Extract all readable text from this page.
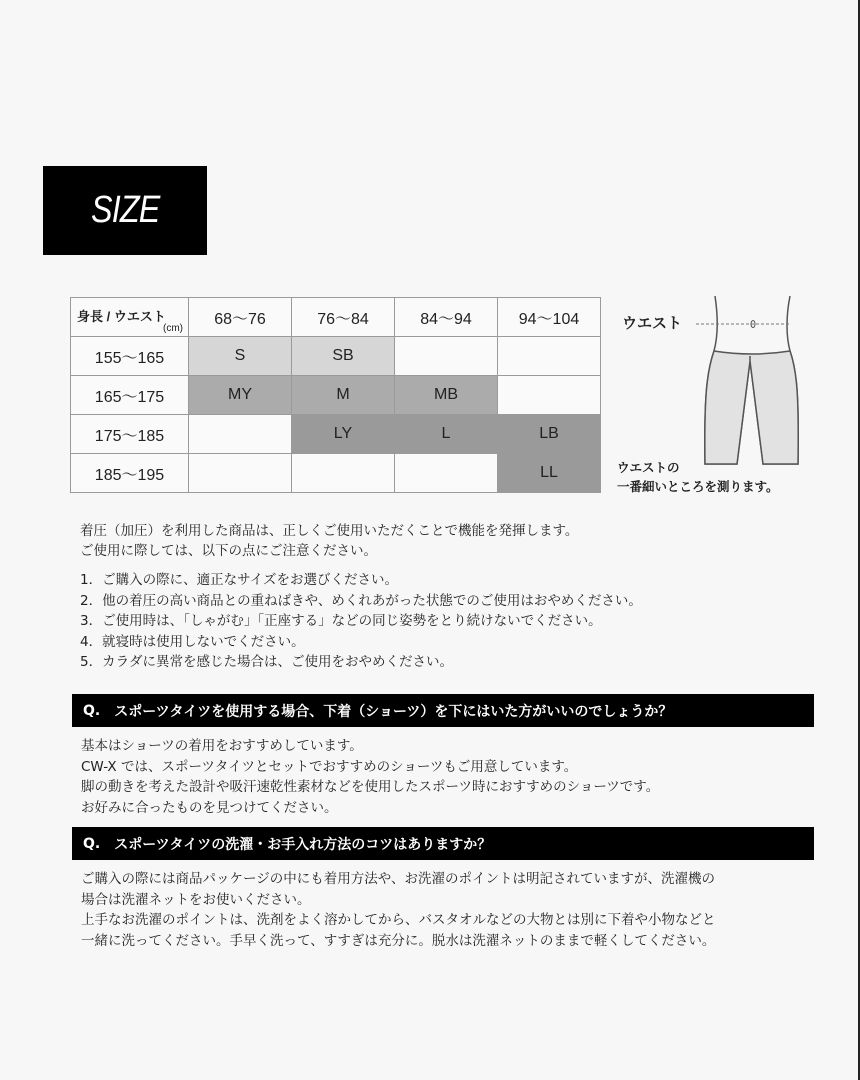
SIZE
身長 / ウエスト
(cm)	68〜76	76〜84	84〜94	94〜104
155〜165	S	SB		
165〜175	MY	M	MB	
175〜185		LY	L	LB
185〜195				LL
ウエスト
ウエストの
一番細いところを測ります。
着圧（加圧）を利用した商品は、正しくご使用いただくことで機能を発揮します。
ご使用に際しては、以下の点にご注意ください。
1．ご購入の際に、適正なサイズをお選びください。
2．他の着圧の高い商品との重ねばきや、めくれあがった状態でのご使用はおやめください。
3．ご使用時は、「しゃがむ」「正座する」などの同じ姿勢をとり続けないでください。
4．就寝時は使用しないでください。
5．カラダに異常を感じた場合は、ご使用をおやめください。
Q. スポーツタイツを使用する場合、下着（ショーツ）を下にはいた方がいいのでしょうか？
基本はショーツの着用をおすすめしています。
CW-X では、スポーツタイツとセットでおすすめのショーツもご用意しています。
脚の動きを考えた設計や吸汗速乾性素材などを使用したスポーツ時におすすめのショーツです。
お好みに合ったものを見つけてください。
Q. スポーツタイツの洗濯・お手入れ方法のコツはありますか？
ご購入の際には商品パッケージの中にも着用方法や、お洗濯のポイントは明記されていますが、洗濯機の
場合は洗濯ネットをお使いください。
上手なお洗濯のポイントは、洗剤をよく溶かしてから、バスタオルなどの大物とは別に下着や小物などと
一緒に洗ってください。手早く洗って、すすぎは充分に。脱水は洗濯ネットのままで軽くしてください。
